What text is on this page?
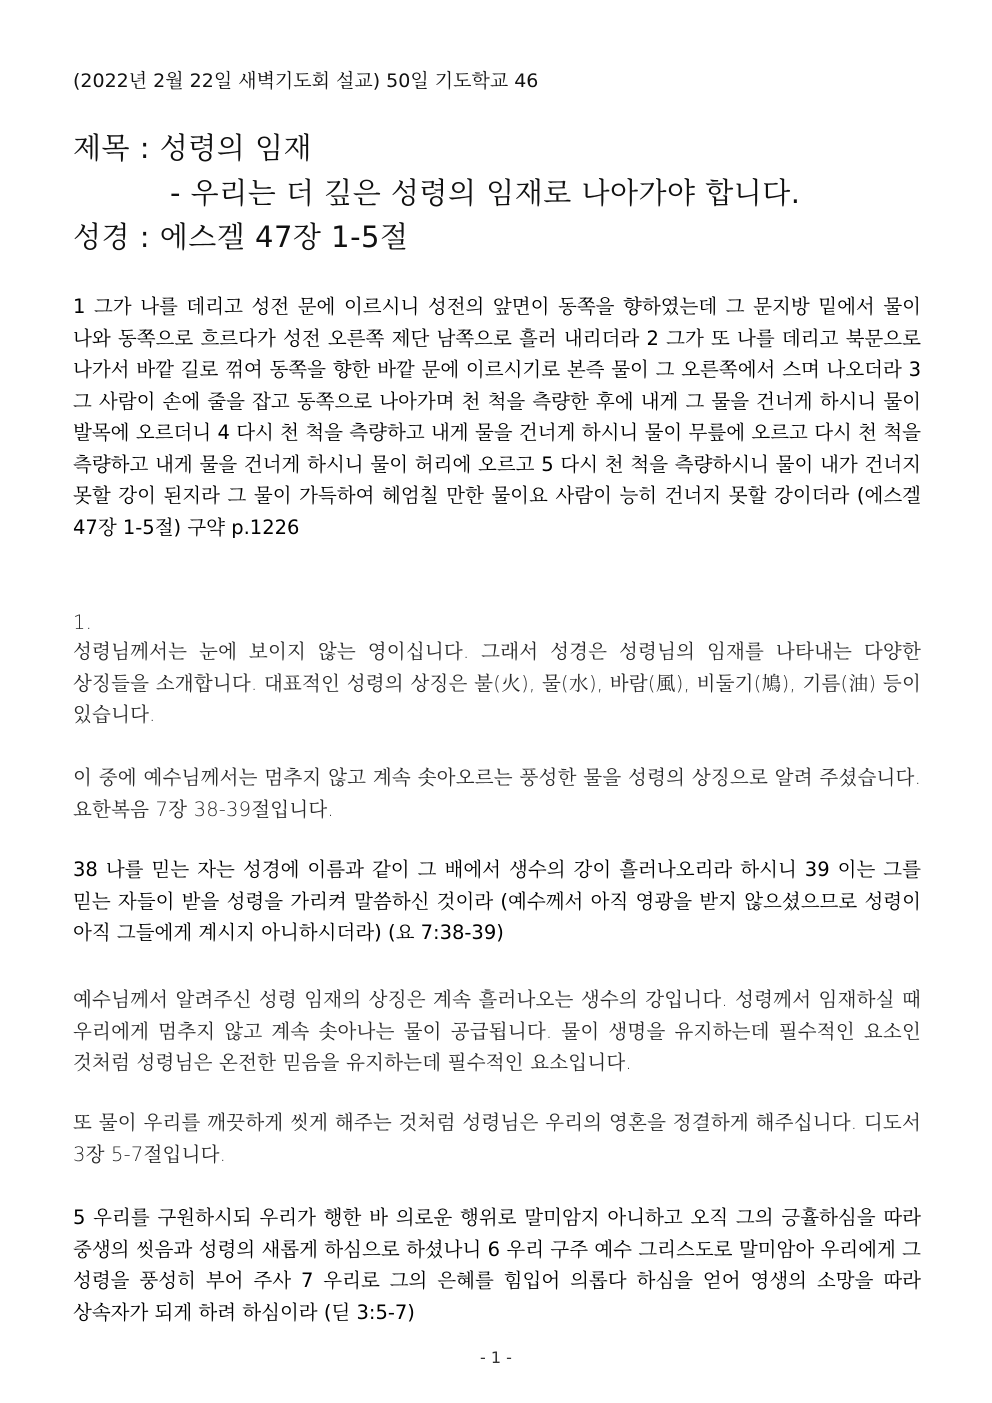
(2022년 2월 22일 새벽기도회 설교) 50일 기도학교 46
제목 : 성령의 임재
- 우리는 더 깊은 성령의 임재로 나아가야 합니다.
성경 : 에스겔 47장 1-5절

1 그가 나를 데리고 성전 문에 이르시니 성전의 앞면이 동쪽을 향하였는데 그 문지방 밑에서 물이 나와 동쪽으로 흐르다가 성전 오른쪽 제단 남쪽으로 흘러 내리더라 2 그가 또 나를 데리고 북문으로 나가서 바깥 길로 꺾여 동쪽을 향한 바깥 문에 이르시기로 본즉 물이 그 오른쪽에서 스며 나오더라 3 그 사람이 손에 줄을 잡고 동쪽으로 나아가며 천 척을 측량한 후에 내게 그 물을 건너게 하시니 물이 발목에 오르더니 4 다시 천 척을 측량하고 내게 물을 건너게 하시니 물이 무릎에 오르고 다시 천 척을 측량하고 내게 물을 건너게 하시니 물이 허리에 오르고 5 다시 천 척을 측량하시니 물이 내가 건너지 못할 강이 된지라 그 물이 가득하여 헤엄칠 만한 물이요 사람이 능히 건너지 못할 강이더라 (에스겔 47장 1-5절) 구약 p.1226

1.

성령님께서는 눈에 보이지 않는 영이십니다. 그래서 성경은 성령님의 임재를 나타내는 다양한 상징들을 소개합니다. 대표적인 성령의 상징은 불(火), 물(水), 바람(風), 비둘기(鳩), 기름(油) 등이 있습니다.

이 중에 예수님께서는 멈추지 않고 계속 솟아오르는 풍성한 물을 성령의 상징으로 알려 주셨습니다. 요한복음 7장 38-39절입니다.

38 나를 믿는 자는 성경에 이름과 같이 그 배에서 생수의 강이 흘러나오리라 하시니 39 이는 그를 믿는 자들이 받을 성령을 가리켜 말씀하신 것이라 (예수께서 아직 영광을 받지 않으셨으므로 성령이 아직 그들에게 계시지 아니하시더라) (요 7:38-39)

예수님께서 알려주신 성령 임재의 상징은 계속 흘러나오는 생수의 강입니다. 성령께서 임재하실 때 우리에게 멈추지 않고 계속 솟아나는 물이 공급됩니다. 물이 생명을 유지하는데 필수적인 요소인 것처럼 성령님은 온전한 믿음을 유지하는데 필수적인 요소입니다.

또 물이 우리를 깨끗하게 씻게 해주는 것처럼 성령님은 우리의 영혼을 정결하게 해주십니다. 디도서 3장 5-7절입니다.

5 우리를 구원하시되 우리가 행한 바 의로운 행위로 말미암지 아니하고 오직 그의 긍휼하심을 따라 중생의 씻음과 성령의 새롭게 하심으로 하셨나니 6 우리 구주 예수 그리스도로 말미암아 우리에게 그 성령을 풍성히 부어 주사 7 우리로 그의 은혜를 힘입어 의롭다 하심을 얻어 영생의 소망을 따라 상속자가 되게 하려 하심이라 (딛 3:5-7)

- 1 -
